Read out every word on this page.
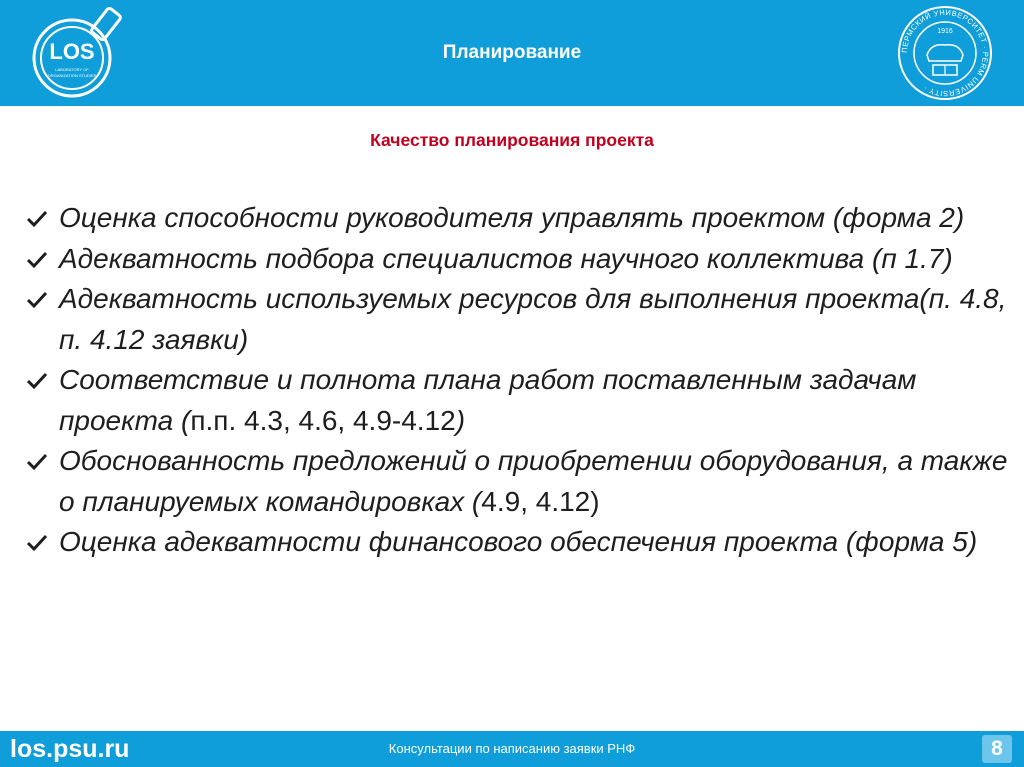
LOS
LABORATORY OF
ORGANIZATION STUDIES
Планирование	ПЕРМСКИЙ УНИВЕРСИТЕТ · PERM UNIVERSITY ·
1916
Качество планирования проекта
Оценка способности руководителя управлять проектом (форма 2)
Адекватность подбора специалистов научного коллектива (п 1.7)
Адекватность используемых ресурсов для выполнения проекта(п. 4.8, п. 4.12 заявки)
Соответствие и полнота плана работ поставленным задачам проекта (п.п. 4.3, 4.6, 4.9-4.12)
Обоснованность предложений о приобретении оборудования, а также о планируемых командировках (4.9, 4.12)
Оценка адекватности финансового обеспечения проекта (форма 5)
los.psu.ru	Консультации по написанию заявки РНФ	8
